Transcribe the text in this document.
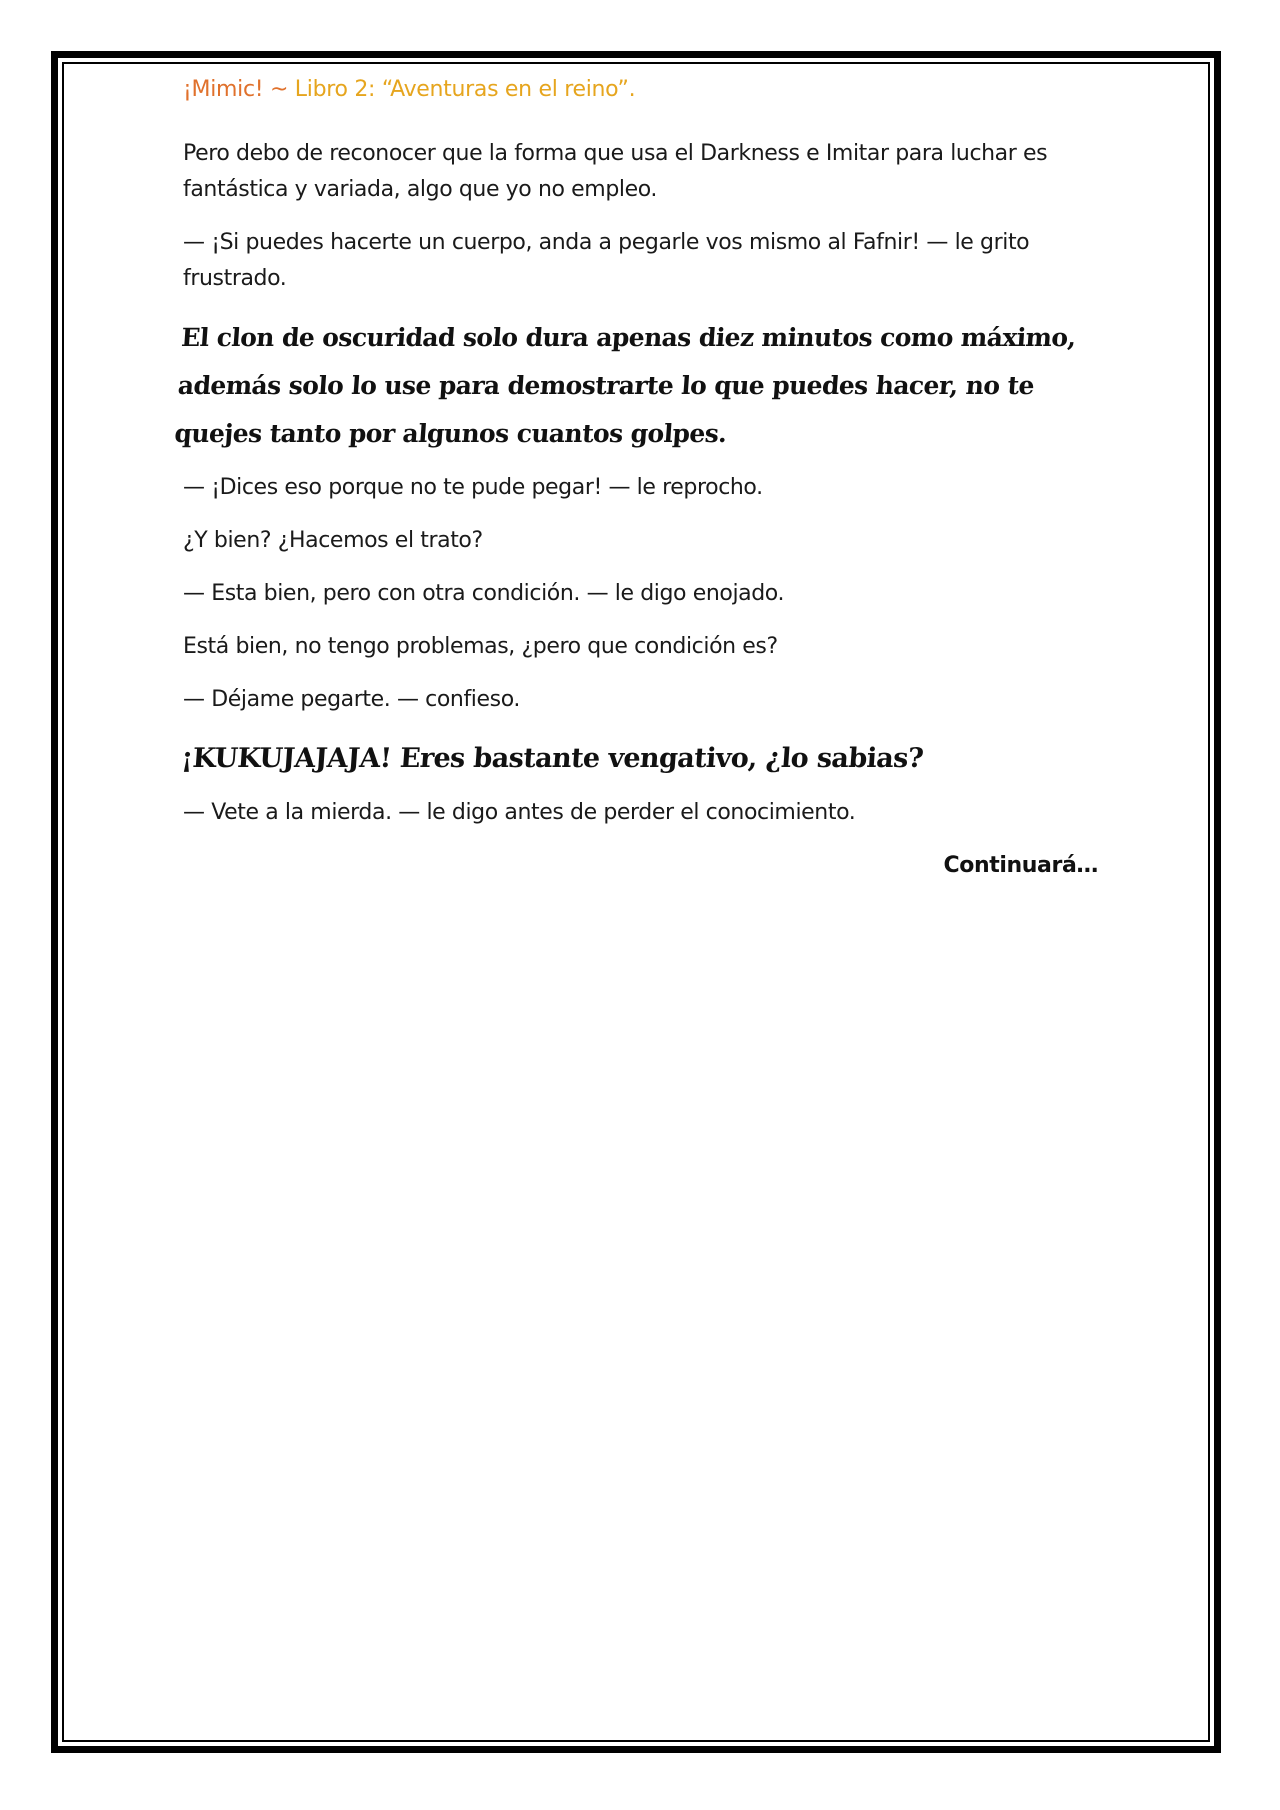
¡Mimic! ~ Libro 2: “Aventuras en el reino”.

Pero debo de reconocer que la forma que usa el Darkness e Imitar para luchar es fantástica y variada, algo que yo no empleo.

— ¡Si puedes hacerte un cuerpo, anda a pegarle vos mismo al Fafnir! — le grito frustrado.

El clon de oscuridad solo dura apenas diez minutos como máximo, además solo lo use para demostrarte lo que puedes hacer, no te quejes tanto por algunos cuantos golpes.

— ¡Dices eso porque no te pude pegar! — le reprocho.

¿Y bien? ¿Hacemos el trato?

— Esta bien, pero con otra condición. — le digo enojado.

Está bien, no tengo problemas, ¿pero que condición es?

— Déjame pegarte. — confieso.

¡KUKUJAJAJA! Eres bastante vengativo, ¿lo sabias?

— Vete a la mierda. — le digo antes de perder el conocimiento.

Continuará…
